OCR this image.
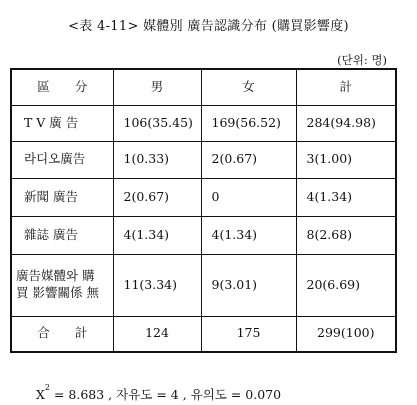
<表 4-11> 媒體別 廣告認識分布 (購買影響度)
(단위: 명)
區　　分	男	女	計
T V 廣 告	106(35.45)	169(56.52)	284(94.98)
라디오廣告	1(0.33)	2(0.67)	3(1.00)
新聞 廣告	2(0.67)	0	4(1.34)
雜誌 廣告	4(1.34)	4(1.34)	8(2.68)

廣告媒體와 購
買 影響關係 無	11(3.34)	9(3.01)	20(6.69)
合　　計	124	175	299(100)
$X^2 = 8.683$ , 자유도 = 4 , 유의도 = 0.070
